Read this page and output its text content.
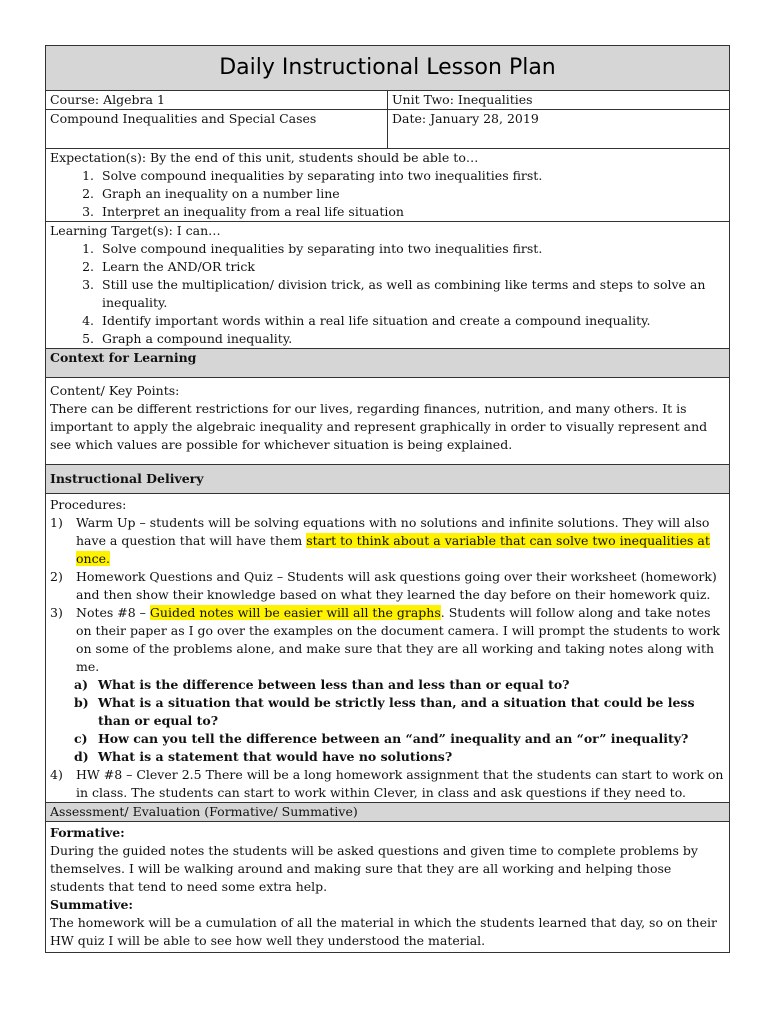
Daily Instructional Lesson Plan
Course: Algebra 1	Unit Two: Inequalities
Compound Inequalities and Special Cases	Date: January 28, 2019
Expectation(s): By the end of this unit, students should be able to…
1. Solve compound inequalities by separating into two inequalities first.
2. Graph an inequality on a number line
3. Interpret an inequality from a real life situation
Learning Target(s): I can…
1. Solve compound inequalities by separating into two inequalities first.
2. Learn the AND/OR trick
3. Still use the multiplication/ division trick, as well as combining like terms and steps to solve an inequality.
4. Identify important words within a real life situation and create a compound inequality.
5. Graph a compound inequality.
Context for Learning
Content/ Key Points:
There can be different restrictions for our lives, regarding finances, nutrition, and many others. It is important to apply the algebraic inequality and represent graphically in order to visually represent and see which values are possible for whichever situation is being explained.
Instructional Delivery
Procedures:
1) Warm Up – students will be solving equations with no solutions and infinite solutions. They will also have a question that will have them start to think about a variable that can solve two inequalities at once.
2) Homework Questions and Quiz – Students will ask questions going over their worksheet (homework) and then show their knowledge based on what they learned the day before on their homework quiz.
3) Notes #8 – Guided notes will be easier will all the graphs. Students will follow along and take notes on their paper as I go over the examples on the document camera. I will prompt the students to work on some of the problems alone, and make sure that they are all working and taking notes along with me.
a) What is the difference between less than and less than or equal to?
b) What is a situation that would be strictly less than, and a situation that could be less than or equal to?
c) How can you tell the difference between an “and” inequality and an “or” inequality?
d) What is a statement that would have no solutions?
4) HW #8 – Clever 2.5 There will be a long homework assignment that the students can start to work on in class. The students can start to work within Clever, in class and ask questions if they need to.
Assessment/ Evaluation (Formative/ Summative)
Formative:
During the guided notes the students will be asked questions and given time to complete problems by themselves. I will be walking around and making sure that they are all working and helping those students that tend to need some extra help.
Summative:
The homework will be a cumulation of all the material in which the students learned that day, so on their HW quiz I will be able to see how well they understood the material.
